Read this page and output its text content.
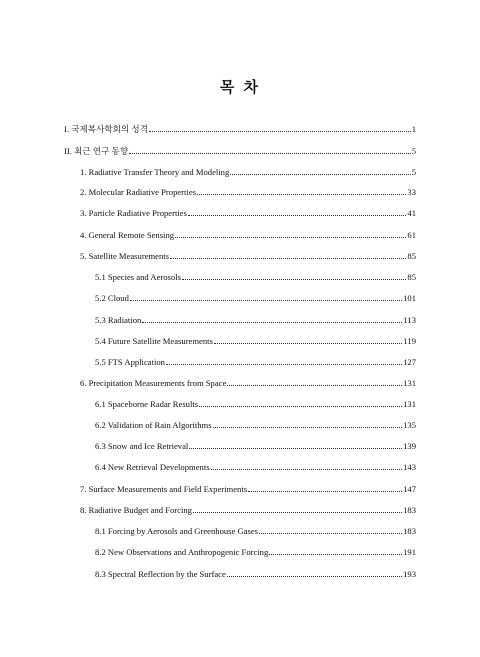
목 차
I. 국제복사학회의 성격	1
II. 최근 연구 동향	5
1. Radiative Transfer Theory and Modeling	5
2. Molecular Radiative Properties	33
3. Particle Radiative Properties	41
4. General Remote Sensing	61
5. Satellite Measurements	85
5.1 Species and Aerosols	85
5.2 Cloud	101
5.3 Radiation	113
5.4 Future Satellite Measurements	119
5.5 FTS Application	127
6. Precipitation Measurements from Space	131
6.1 Spaceborne Radar Results	131
6.2 Validation of Rain Algorithms	135
6.3 Snow and Ice Retrieval	139
6.4 New Retrieval Developments	143
7. Surface Measurements and Field Experiments	147
8. Radiative Budget and Forcing	183
8.1 Forcing by Aerosols and Greenhouse Gases	183
8.2 New Observations and Anthropogenic Forcing	191
8.3 Spectral Reflection by the Surface	193
